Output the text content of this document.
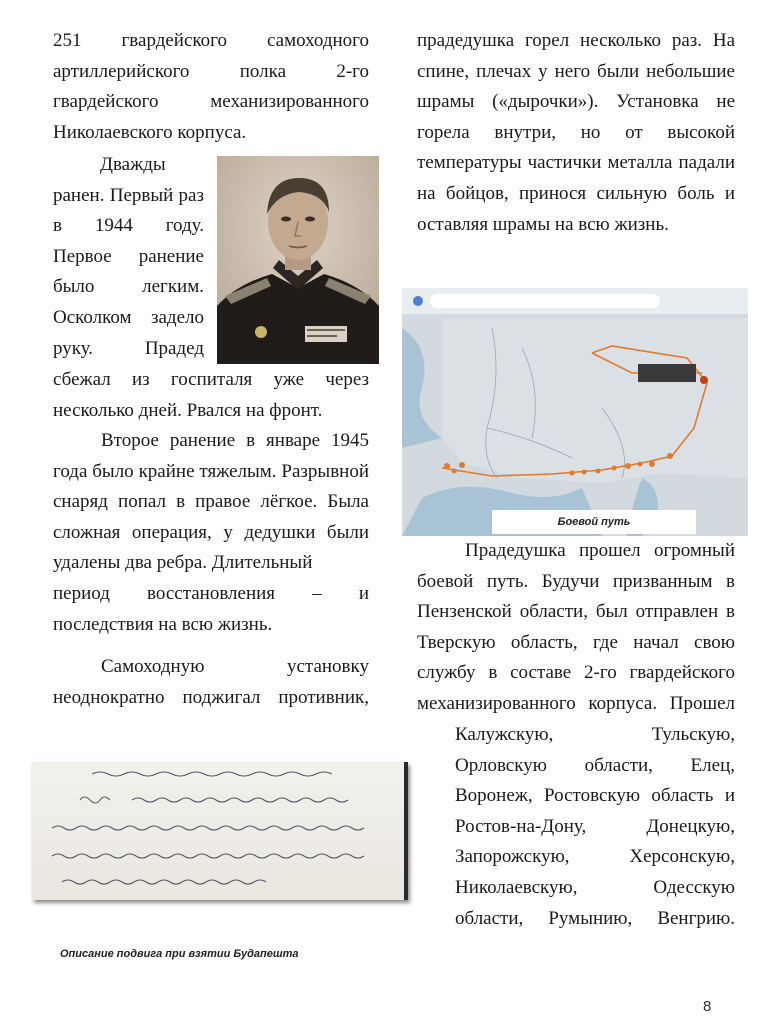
251 гвардейского самоходного
артиллерийского полка 2-го
гвардейского механизированного
Николаевского корпуса.
Дважды
ранен. Первый раз
в 1944 году.
Первое ранение
было легким.
Осколком задело
руку. Прадед
сбежал из госпиталя уже через
несколько дней. Рвался на фронт.
Второе ранение в январе 1945
года было крайне тяжелым. Разрывной
снаряд попал в правое лёгкое. Была
сложная операция, у дедушки были
удалены два ребра. Длительный
период восстановления – и
последствия на всю жизнь.
Самоходную установку
неоднократно поджигал противник,
Описание подвига при взятии Будапешта
прадедушка горел несколько раз. На
спине, плечах у него были небольшие
шрамы («дырочки»). Установка не
горела внутри, но от высокой
температуры частички металла падали
на бойцов, принося сильную боль и
оставляя шрамы на всю жизнь.
Боевой путь
Прадедушка прошел огромный
боевой путь. Будучи призванным в
Пензенской области, был отправлен в
Тверскую область, где начал свою
службу в составе 2-го гвардейского
механизированного корпуса. Прошел
Калужскую, Тульскую,
Орловскую области, Елец,
Воронеж, Ростовскую область и
Ростов-на-Дону, Донецкую,
Запорожскую, Херсонскую,
Николаевскую, Одесскую
области, Румынию, Венгрию.
8
